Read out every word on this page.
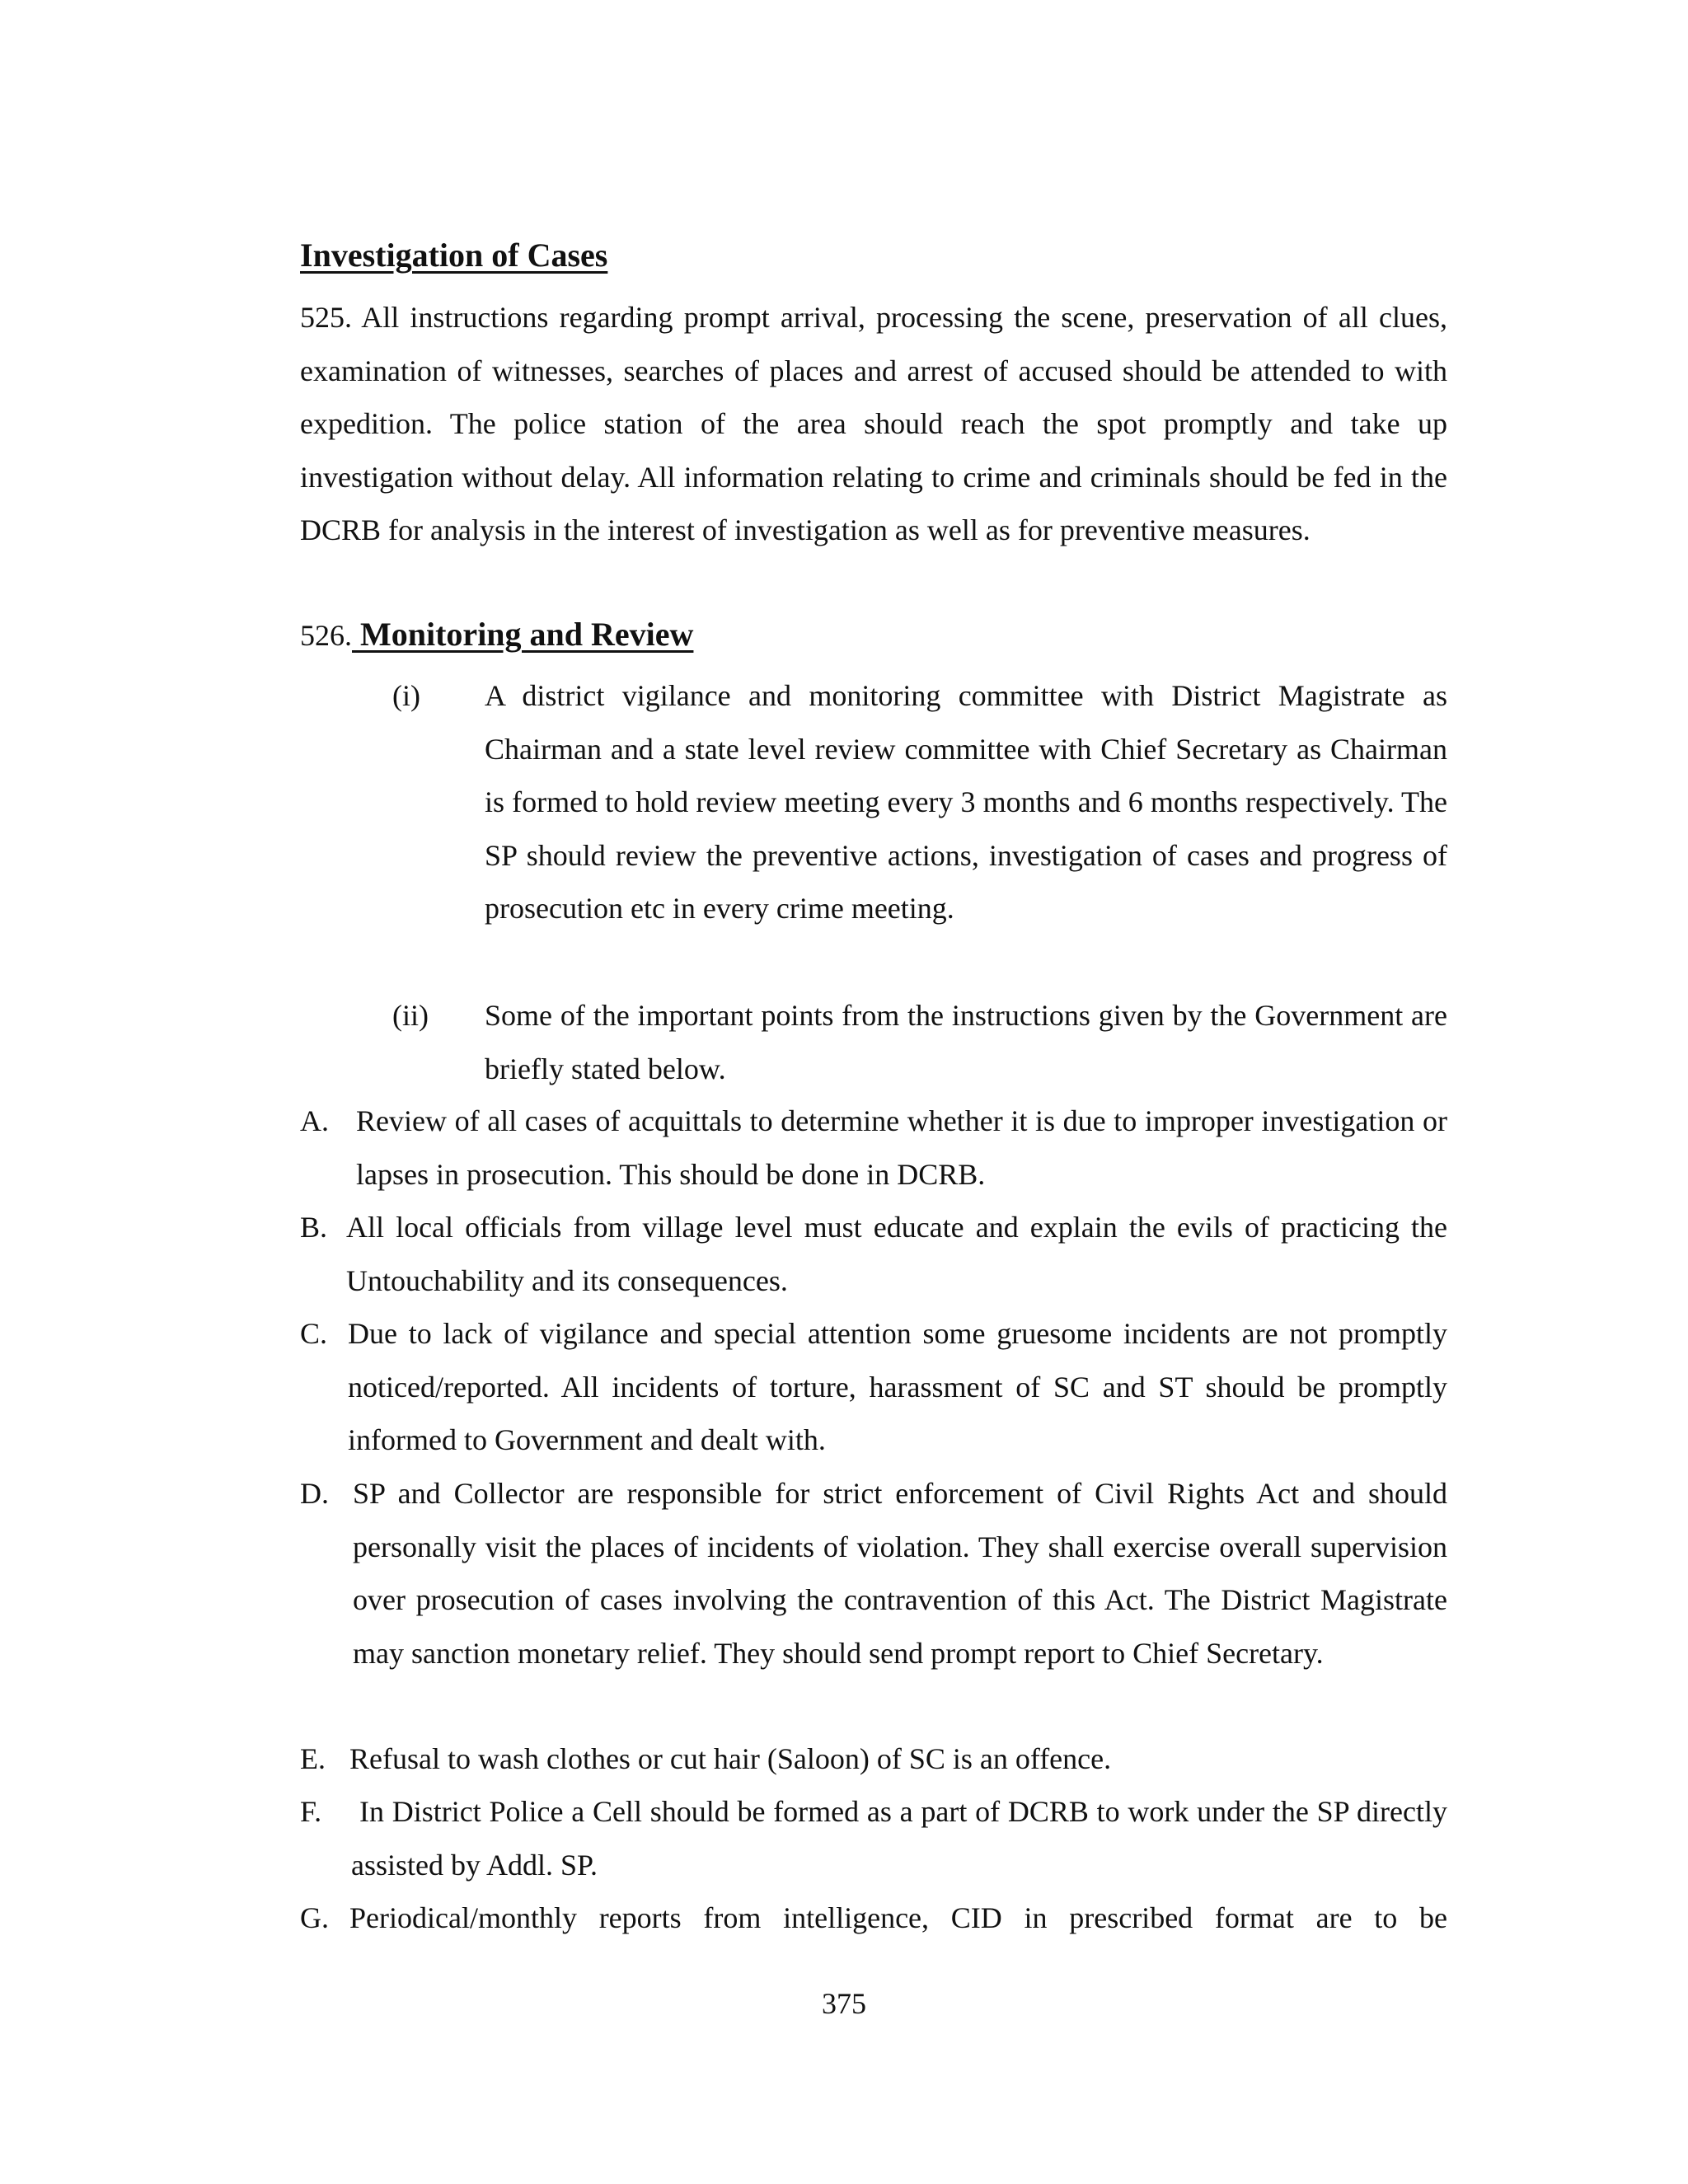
Investigation of Cases
525. All instructions regarding prompt arrival, processing the scene, preservation of all clues, examination of witnesses, searches of places and arrest of accused should be attended to with expedition. The police station of the area should reach the spot promptly and take up investigation without delay. All information relating to crime and criminals should be fed in the DCRB for analysis in the interest of investigation as well as for preventive measures.
526. Monitoring and Review
(i) A district vigilance and monitoring committee with District Magistrate as Chairman and a state level review committee with Chief Secretary as Chairman is formed to hold review meeting every 3 months and 6 months respectively. The SP should review the preventive actions, investigation of cases and progress of prosecution etc in every crime meeting.
(ii) Some of the important points from the instructions given by the Government are briefly stated below.
A. Review of all cases of acquittals to determine whether it is due to improper investigation or lapses in prosecution. This should be done in DCRB.
B. All local officials from village level must educate and explain the evils of practicing the Untouchability and its consequences.
C. Due to lack of vigilance and special attention some gruesome incidents are not promptly noticed/reported. All incidents of torture, harassment of SC and ST should be promptly informed to Government and dealt with.
D. SP and Collector are responsible for strict enforcement of Civil Rights Act and should personally visit the places of incidents of violation. They shall exercise overall supervision over prosecution of cases involving the contravention of this Act. The District Magistrate may sanction monetary relief. They should send prompt report to Chief Secretary.
E. Refusal to wash clothes or cut hair (Saloon) of SC is an offence.
F. In District Police a Cell should be formed as a part of DCRB to work under the SP directly assisted by Addl. SP.
G. Periodical/monthly reports from intelligence, CID in prescribed format are to be
375
